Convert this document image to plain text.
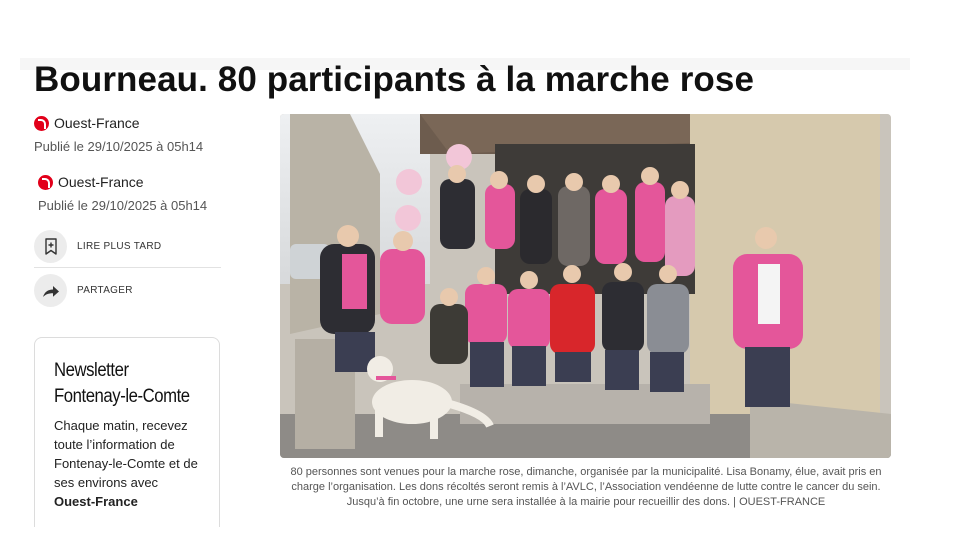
Bourneau. 80 participants à la marche rose
Ouest-France
Publié le 29/10/2025 à 05h14
Ouest-France
Publié le 29/10/2025 à 05h14
LIRE PLUS TARD
PARTAGER
Newsletter Fontenay-le-Comte
Chaque matin, recevez toute l’information de Fontenay-le-Comte et de ses environs avec Ouest-France
80 personnes sont venues pour la marche rose, dimanche, organisée par la municipalité. Lisa Bonamy, élue, avait pris en charge l’organisation. Les dons récoltés seront remis à l’AVLC, l’Association vendéenne de lutte contre le cancer du sein. Jusqu’à fin octobre, une urne sera installée à la mairie pour recueillir des dons. | OUEST-FRANCE
